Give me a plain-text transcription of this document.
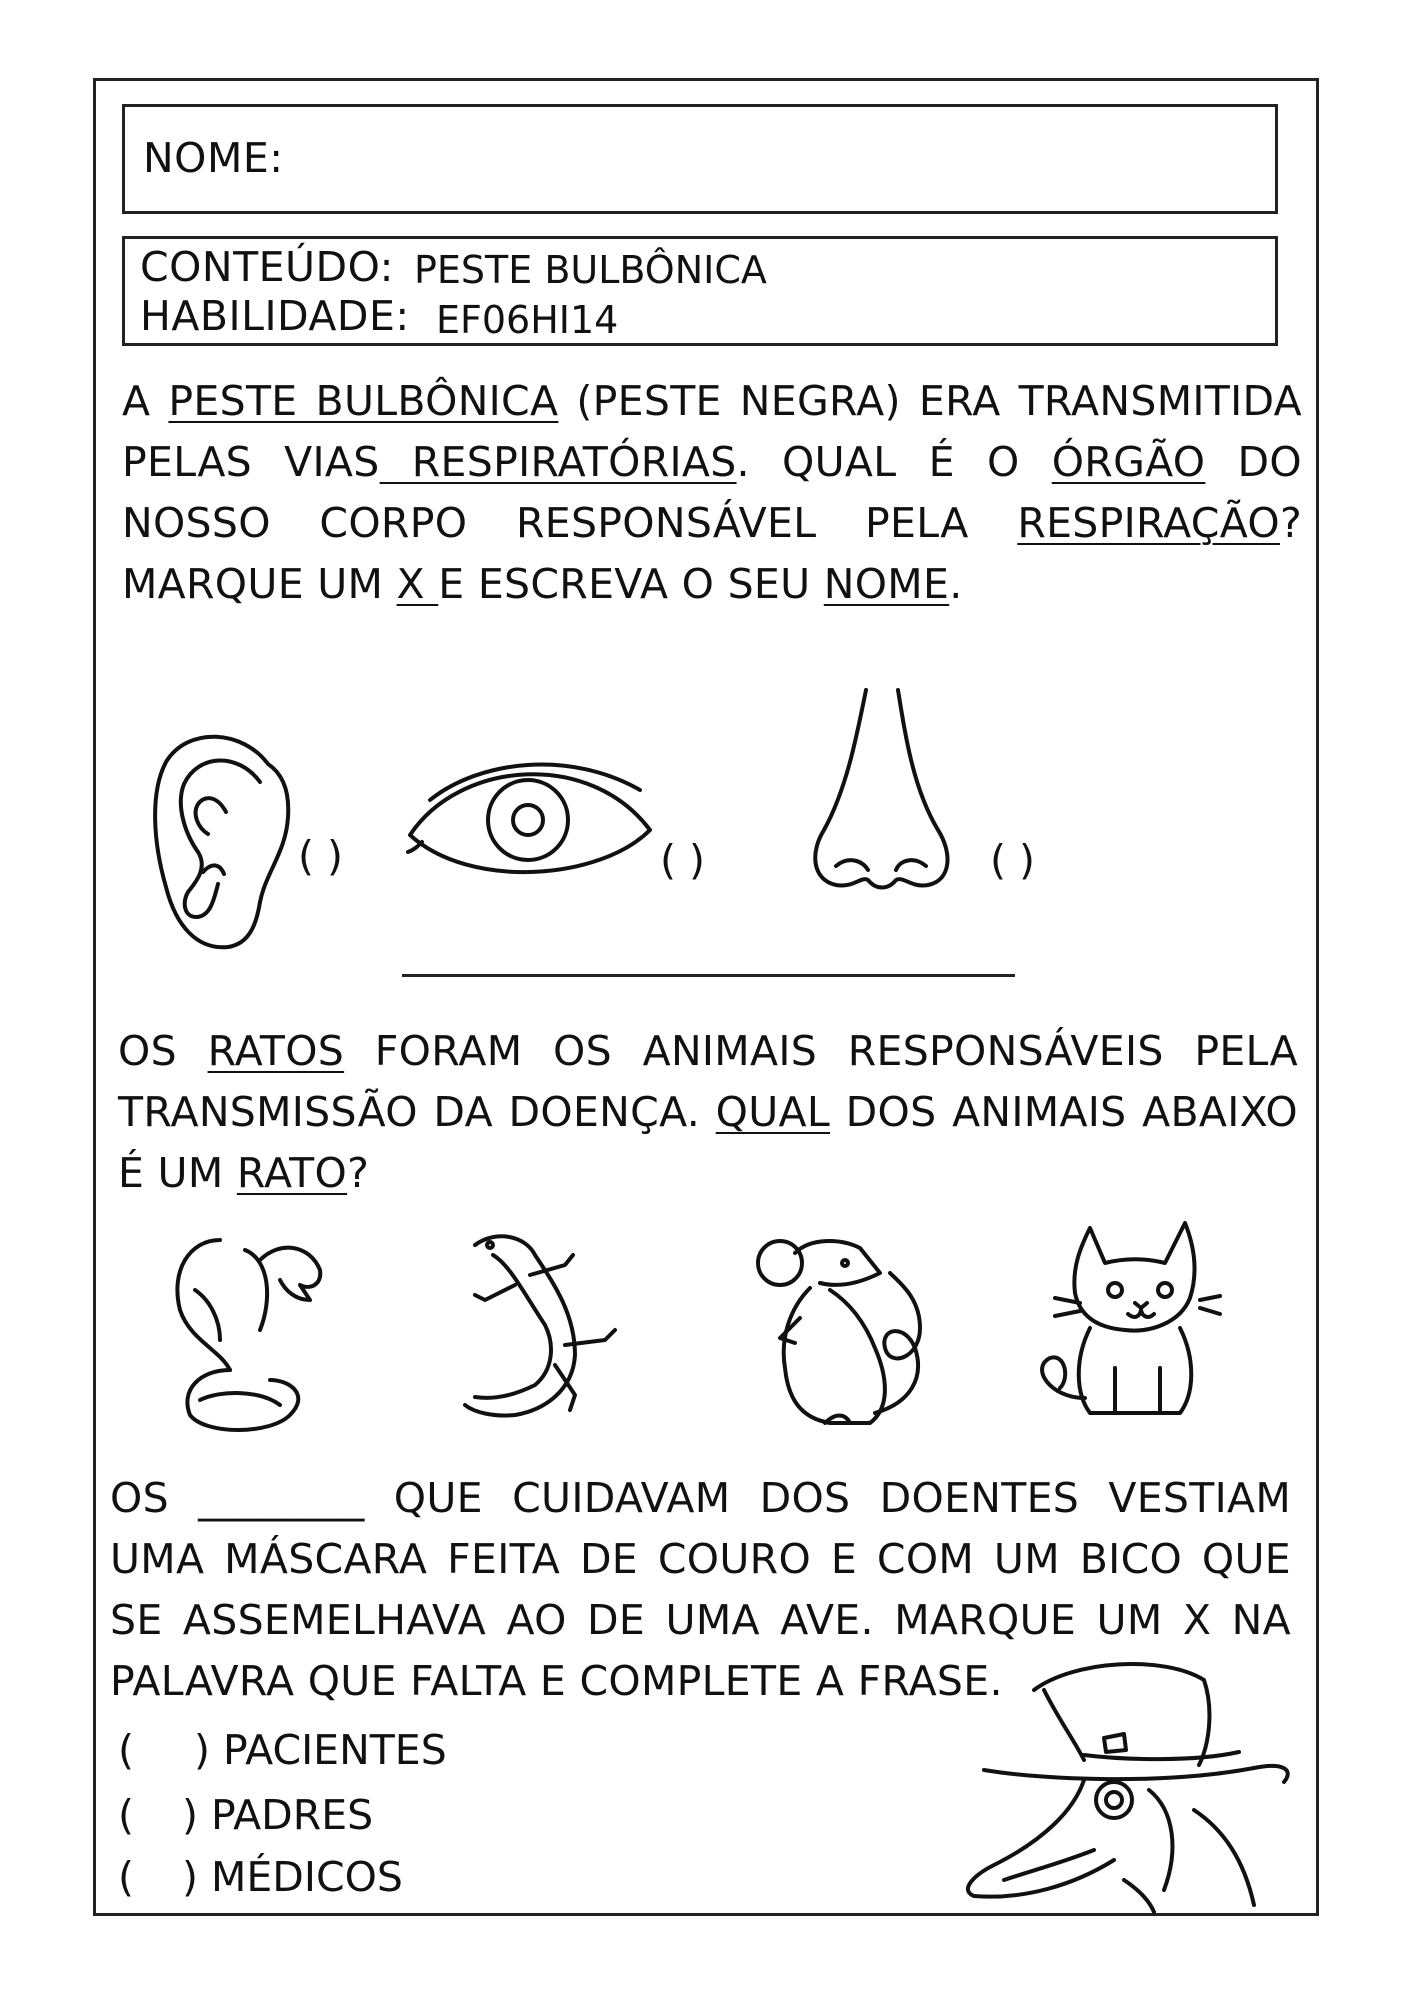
NOME:
CONTEÚDO: PESTE BULBÔNICA
HABILIDADE: EF06HI14
A PESTE BULBÔNICA (PESTE NEGRA) ERA TRANSMITIDA PELAS VIAS RESPIRATÓRIAS. QUAL É O ÓRGÃO DO NOSSO CORPO RESPONSÁVEL PELA RESPIRAÇÃO? MARQUE UM X E ESCREVA O SEU NOME.
( )	( )	( )
OS RATOS FORAM OS ANIMAIS RESPONSÁVEIS PELA TRANSMISSÃO DA DOENÇA. QUAL DOS ANIMAIS ABAIXO É UM RATO?
OS ________ QUE CUIDAVAM DOS DOENTES VESTIAM UMA MÁSCARA FEITA DE COURO E COM UM BICO QUE SE ASSEMELHAVA AO DE UMA AVE. MARQUE UM X NA PALAVRA QUE FALTA E COMPLETE A FRASE.
( ) PACIENTES
( ) PADRES
( ) MÉDICOS
